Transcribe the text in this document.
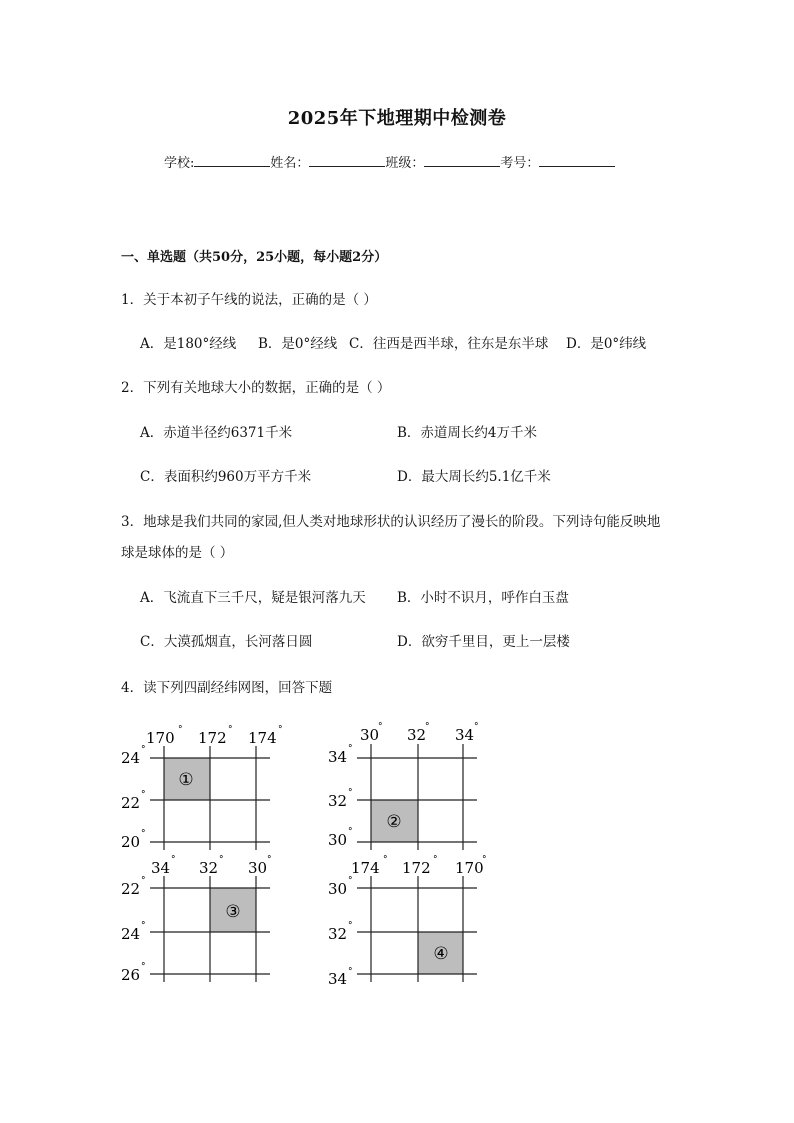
2025年下地理期中检测卷
学校:	姓名：	班级：	考号：
一、单选题（共50分，25小题，每小题2分）
1．关于本初子午线的说法，正确的是（ ）
A．是180°经线 B．是0°经线 C．往西是西半球，往东是东半球 D．是0°纬线
2．下列有关地球大小的数据，正确的是（ ）
A．赤道半径约6371千米	B．赤道周长约4万千米
C．表面积约960万平方千米	D．最大周长约5.1亿千米
3．地球是我们共同的家园,但人类对地球形状的认识经历了漫长的阶段。下列诗句能反映地
球是球体的是（ ）
A．飞流直下三千尺，疑是银河落九天 B．小时不识月，呼作白玉盘
C．大漠孤烟直，长河落日圆	D．欲穷千里目，更上一层楼
4．读下列四副经纬网图，回答下题
①
170 172 174
24
22
20
°	°	°
°
°
°
②
30 32 34
34
32
30
°	°	°
°
°
°
③
34 32 30
22
24
26
°	°	°
°
°
°
④
174 172 170
30
32
34
°	°	°
°
°
°
